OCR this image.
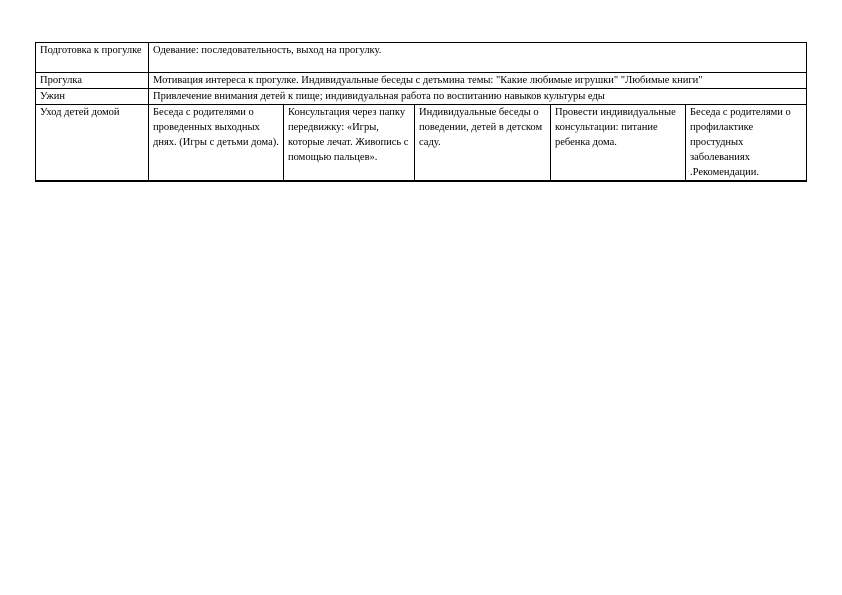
Подготовка к прогулке	Одевание: последовательность, выход на прогулку.				
Прогулка	Мотивация интереса к прогулке. Индивидуальные беседы с детьмина темы: "Какие любимые игрушки" "Любимые книги"				
Ужин	Привлечение внимания детей к пище; индивидуальная работа по воспитанию навыков культуры еды				
Уход детей домой	Беседа с родителями о проведенных выходных днях. (Игры с детьми дома).	Консультация через папку передвижку: «Игры, которые лечат. Живопись с помощью пальцев».	Индивидуальные беседы о поведении, детей в детском саду.	Провести индивидуальные консультации: питание ребенка дома.	Беседа с родителями о профилактике простудных заболеваниях .Рекомендации.
